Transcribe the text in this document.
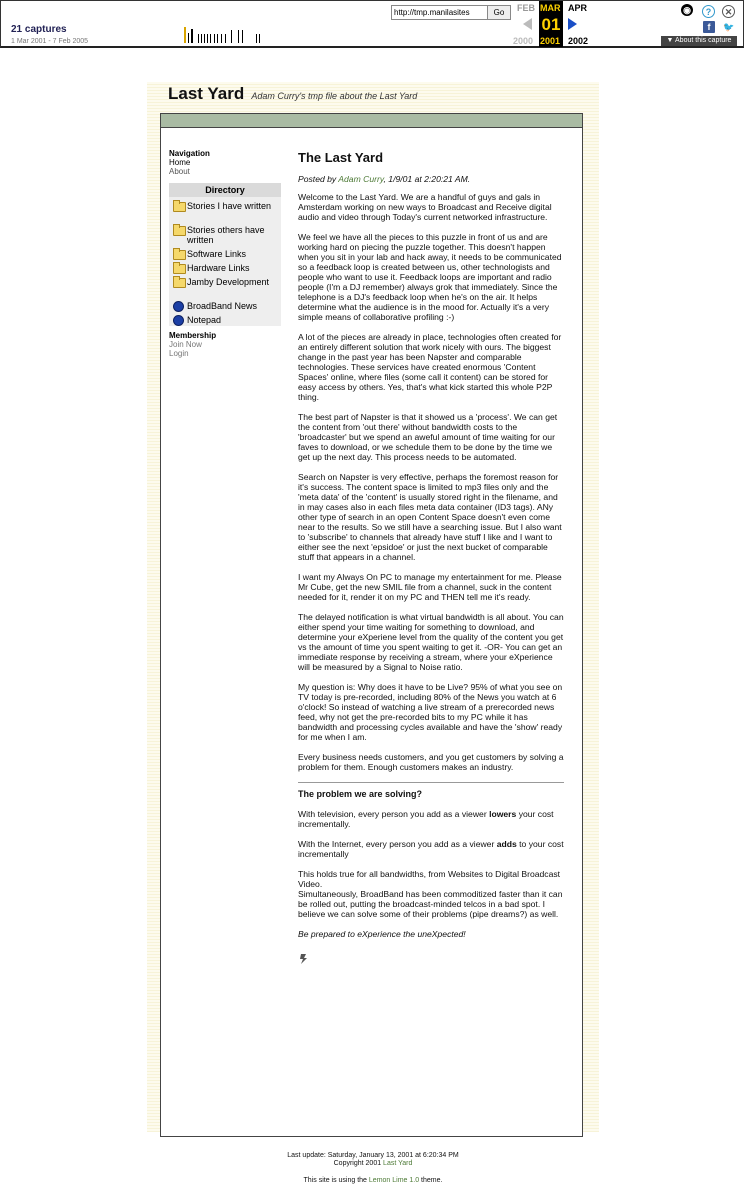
21 captures
1 Mar 2001 - 7 Feb 2005
http://tmp.manilasites	Go	FEB MAR
01
APR
2000 2001 2002
◉	?	✕
f	🐦
▼ About this capture
Last Yard Adam Curry's tmp file about the Last Yard
Navigation
Home
About
Directory
Stories I have written
Stories others have written
Software Links
Hardware Links
Jamby Development
BroadBand News
Notepad
Membership
Join Now
Login
The Last Yard
Posted by Adam Curry, 1/9/01 at 2:20:21 AM.

Welcome to the Last Yard. We are a handful of guys and gals in Amsterdam working on new ways to Broadcast and Receive digital audio and video through Today's current networked infrastructure.

We feel we have all the pieces to this puzzle in front of us and are working hard on piecing the puzzle together. This doesn't happen when you sit in your lab and hack away, it needs to be communicated so a feedback loop is created between us, other technologists and people who want to use it. Feedback loops are important and radio people (I'm a DJ remember) always grok that immediately. Since the telephone is a DJ's feedback loop when he's on the air. It helps determine what the audience is in the mood for. Actually it's a very simple means of collaborative profiling :-)

A lot of the pieces are already in place, technologies often created for an entirely different solution that work nicely with ours. The biggest change in the past year has been Napster and comparable technologies. These services have created enormous 'Content Spaces' online, where files (some call it content) can be stored for easy access by others. Yes, that's what kick started this whole P2P thing.

The best part of Napster is that it showed us a 'process'. We can get the content from 'out there' without bandwidth costs to the 'broadcaster' but we spend an aweful amount of time waiting for our faves to download, or we schedule them to be done by the time we get up the next day. This process needs to be automated.

Search on Napster is very effective, perhaps the foremost reason for it's success. The content space is limited to mp3 files only and the 'meta data' of the 'content' is usually stored right in the filename, and in may cases also in each files meta data container (ID3 tags). ANy other type of search in an open Content Space doesn't even come near to the results. So we still have a searching issue. But I also want to 'subscribe' to channels that already have stuff I like and I want to either see the next 'epsidoe' or just the next bucket of comparable stuff that appears in a channel.

I want my Always On PC to manage my entertainment for me. Please Mr Cube, get the new SMIL file from a channel, suck in the content needed for it, render it on my PC and THEN tell me it's ready.

The delayed notification is what virtual bandwidth is all about. You can either spend your time waiting for something to download, and determine your eXperiene level from the quality of the content you get vs the amount of time you spent waiting to get it. -OR- You can get an immediate response by receiving a stream, where your eXperience will be measured by a Signal to Noise ratio.

My question is: Why does it have to be Live? 95% of what you see on TV today is pre-recorded, including 80% of the News you watch at 6 o'clock! So instead of watching a live stream of a prerecorded news feed, why not get the pre-recorded bits to my PC while it has bandwidth and processing cycles available and have the 'show' ready for me when I am.

Every business needs customers, and you get customers by solving a problem for them. Enough customers makes an industry.

The problem we are solving?

With television, every person you add as a viewer lowers your cost incrementally.

With the Internet, every person you add as a viewer adds to your cost incrementally

This holds true for all bandwidths, from Websites to Digital Broadcast Video.
Simultaneously, BroadBand has been commoditized faster than it can be rolled out, putting the broadcast-minded telcos in a bad spot. I believe we can solve some of their problems (pipe dreams?) as well.

Be prepared to eXperience the uneXpected!

Last update: Saturday, January 13, 2001 at 6:20:34 PM
Copyright 2001 Last Yard
This site is using the Lemon Lime 1.0 theme.
